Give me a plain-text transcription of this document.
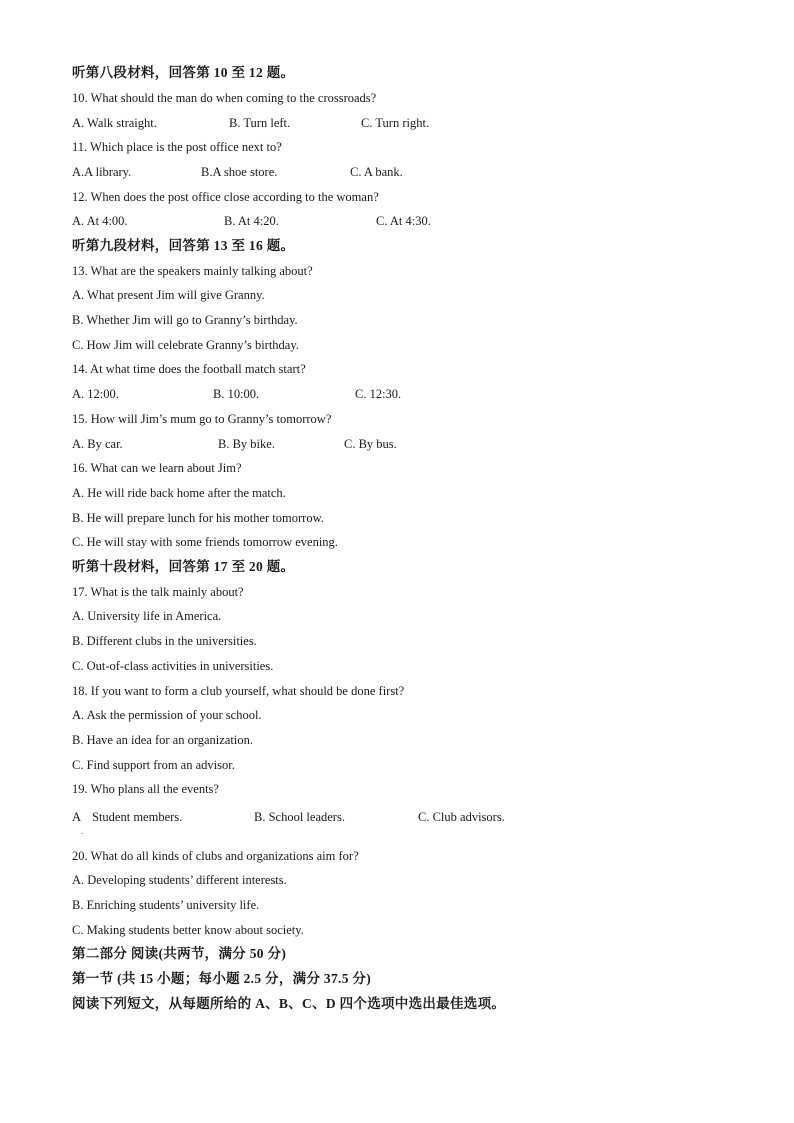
听第八段材料，回答第 10 至 12 题。
10. What should the man do when coming to the crossroads?
A. Walk straight.	B. Turn left.	C. Turn right.
11. Which place is the post office next to?
A.A library.	B.A shoe store.	C. A bank.
12. When does the post office close according to the woman?
A. At 4:00.	B. At 4:20.	C. At 4:30.
听第九段材料，回答第 13 至 16 题。
13. What are the speakers mainly talking about?
A. What present Jim will give Granny.
B. Whether Jim will go to Granny’s birthday.
C. How Jim will celebrate Granny’s birthday.
14. At what time does the football match start?
A. 12:00.	B. 10:00.	C. 12:30.
15. How will Jim’s mum go to Granny’s tomorrow?
A. By car.	B. By bike.	C. By bus.
16. What can we learn about Jim?
A. He will ride back home after the match.
B. He will prepare lunch for his mother tomorrow.
C. He will stay with some friends tomorrow evening.
听第十段材料，回答第 17 至 20 题。
17. What is the talk mainly about?
A. University life in America.
B. Different clubs in the universities.
C. Out-of-class activities in universities.
18. If you want to form a club yourself, what should be done first?
A. Ask the permission of your school.
B. Have an idea for an organization.
C. Find support from an advisor.
19. Who plans all the events?
A Student members.	B. School leaders.	C. Club advisors.
.
20. What do all kinds of clubs and organizations aim for?
A. Developing students’ different interests.
B. Enriching students’ university life.
C. Making students better know about society.
第二部分 阅读(共两节，满分 50 分)
第一节 (共 15 小题；每小题 2.5 分，满分 37.5 分)
阅读下列短文，从每题所给的 A、B、C、D 四个选项中选出最佳选项。
